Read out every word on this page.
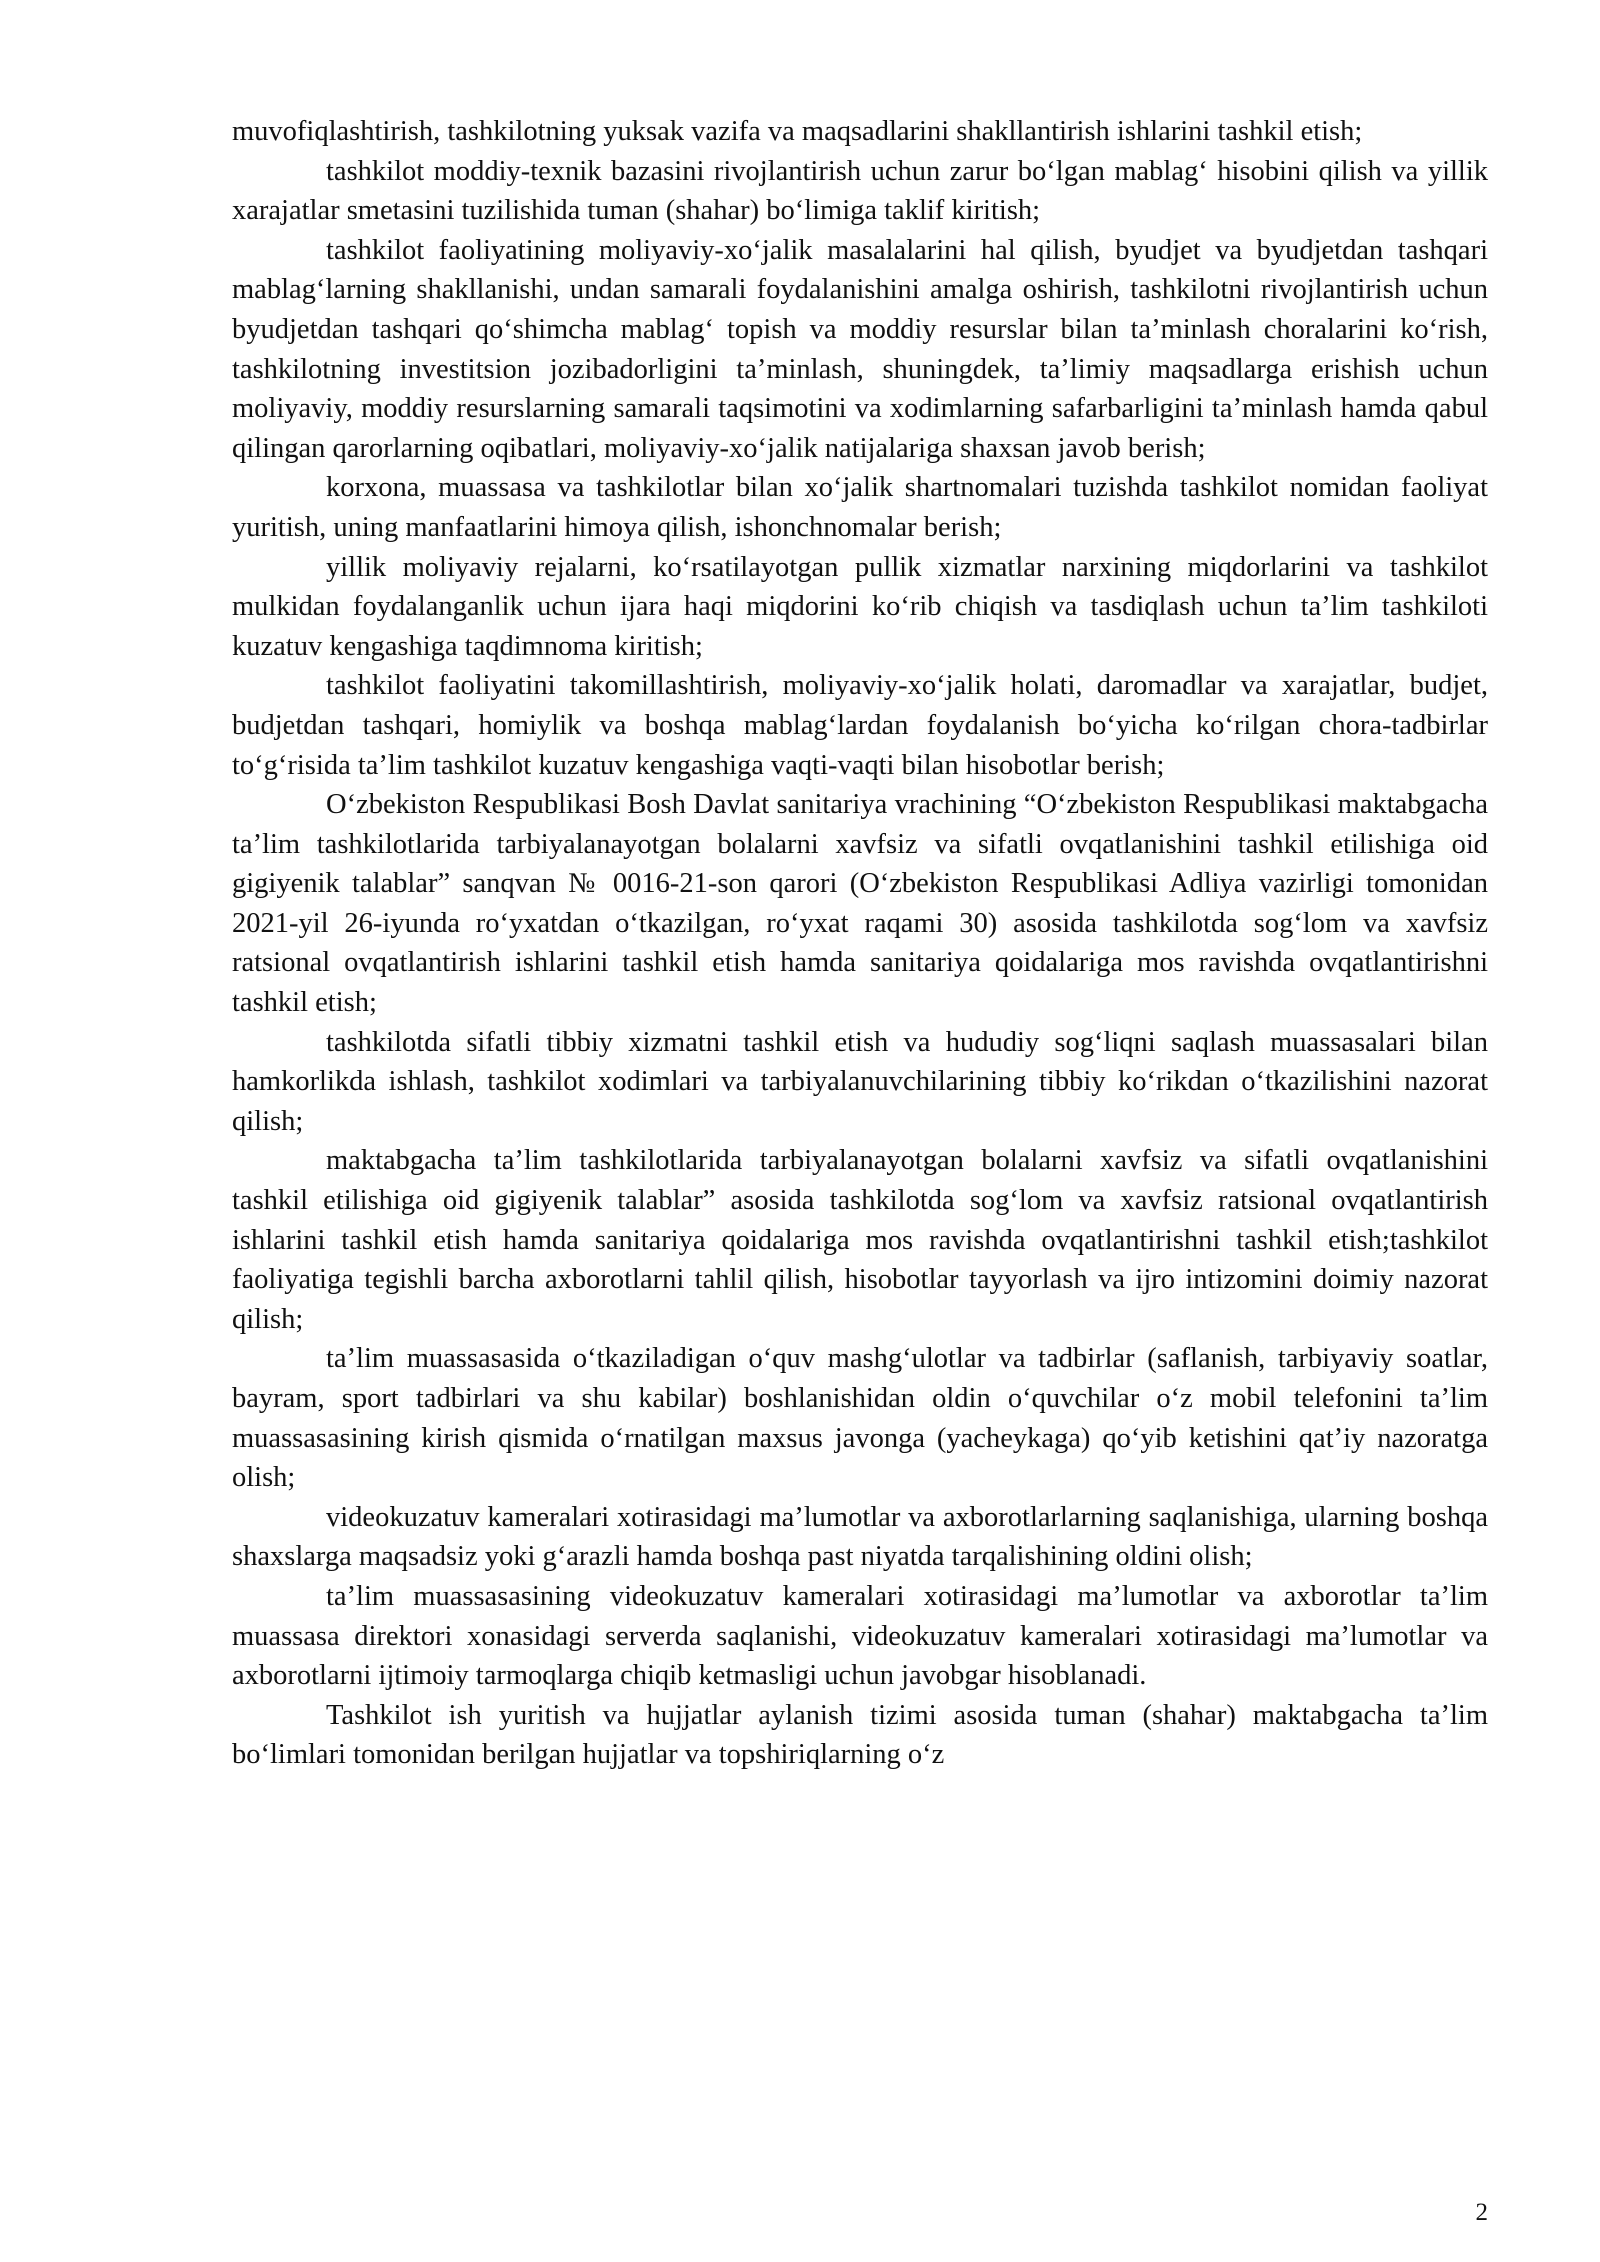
muvofiqlashtirish, tashkilotning yuksak vazifa va maqsadlarini shakllantirish ishlarini tashkil etish;

tashkilot moddiy-texnik bazasini rivojlantirish uchun zarur bo‘lgan mablag‘ hisobini qilish va yillik xarajatlar smetasini tuzilishida tuman (shahar) bo‘limiga taklif kiritish;

tashkilot faoliyatining moliyaviy-xo‘jalik masalalarini hal qilish, byudjet va byudjetdan tashqari mablag‘larning shakllanishi, undan samarali foydalanishini amalga oshirish, tashkilotni rivojlantirish uchun byudjetdan tashqari qo‘shimcha mablag‘ topish va moddiy resurslar bilan ta’minlash choralarini ko‘rish, tashkilotning investitsion jozibadorligini ta’minlash, shuningdek, ta’limiy maqsadlarga erishish uchun moliyaviy, moddiy resurslarning samarali taqsimotini va xodimlarning safarbarligini ta’minlash hamda qabul qilingan qarorlarning oqibatlari, moliyaviy-xo‘jalik natijalariga shaxsan javob berish;

korxona, muassasa va tashkilotlar bilan xo‘jalik shartnomalari tuzishda tashkilot nomidan faoliyat yuritish, uning manfaatlarini himoya qilish, ishonchnomalar berish;

yillik moliyaviy rejalarni, ko‘rsatilayotgan pullik xizmatlar narxining miqdorlarini va tashkilot mulkidan foydalanganlik uchun ijara haqi miqdorini ko‘rib chiqish va tasdiqlash uchun ta’lim tashkiloti kuzatuv kengashiga taqdimnoma kiritish;

tashkilot faoliyatini takomillashtirish, moliyaviy-xo‘jalik holati, daromadlar va xarajatlar, budjet, budjetdan tashqari, homiylik va boshqa mablag‘lardan foydalanish bo‘yicha ko‘rilgan chora-tadbirlar to‘g‘risida ta’lim tashkilot kuzatuv kengashiga vaqti-vaqti bilan hisobotlar berish;

O‘zbekiston Respublikasi Bosh Davlat sanitariya vrachining “O‘zbekiston Respublikasi maktabgacha ta’lim tashkilotlarida tarbiyalanayotgan bolalarni xavfsiz va sifatli ovqatlanishini tashkil etilishiga oid gigiyenik talablar” sanqvan № 0016-21-son qarori (O‘zbekiston Respublikasi Adliya vazirligi tomonidan 2021-yil 26-iyunda ro‘yxatdan o‘tkazilgan, ro‘yxat raqami 30) asosida tashkilotda sog‘lom va xavfsiz ratsional ovqatlantirish ishlarini tashkil etish hamda sanitariya qoidalariga mos ravishda ovqatlantirishni tashkil etish;

tashkilotda sifatli tibbiy xizmatni tashkil etish va hududiy sog‘liqni saqlash muassasalari bilan hamkorlikda ishlash, tashkilot xodimlari va tarbiyalanuvchilarining tibbiy ko‘rikdan o‘tkazilishini nazorat qilish;

maktabgacha ta’lim tashkilotlarida tarbiyalanayotgan bolalarni xavfsiz va sifatli ovqatlanishini tashkil etilishiga oid gigiyenik talablar” asosida tashkilotda sog‘lom va xavfsiz ratsional ovqatlantirish ishlarini tashkil etish hamda sanitariya qoidalariga mos ravishda ovqatlantirishni tashkil etish;tashkilot faoliyatiga tegishli barcha axborotlarni tahlil qilish, hisobotlar tayyorlash va ijro intizomini doimiy nazorat qilish;

ta’lim muassasasida o‘tkaziladigan o‘quv mashg‘ulotlar va tadbirlar (saflanish, tarbiyaviy soatlar, bayram, sport tadbirlari va shu kabilar) boshlanishidan oldin o‘quvchilar o‘z mobil telefonini ta’lim muassasasining kirish qismida o‘rnatilgan maxsus javonga (yacheykaga) qo‘yib ketishini qat’iy nazoratga olish;

videokuzatuv kameralari xotirasidagi ma’lumotlar va axborotlarlarning saqlanishiga, ularning boshqa shaxslarga maqsadsiz yoki g‘arazli hamda boshqa past niyatda tarqalishining oldini olish;

ta’lim muassasasining videokuzatuv kameralari xotirasidagi ma’lumotlar va axborotlar ta’lim muassasa direktori xonasidagi serverda saqlanishi, videokuzatuv kameralari xotirasidagi ma’lumotlar va axborotlarni ijtimoiy tarmoqlarga chiqib ketmasligi uchun javobgar hisoblanadi.

Tashkilot ish yuritish va hujjatlar aylanish tizimi asosida tuman (shahar) maktabgacha ta’lim bo‘limlari tomonidan berilgan hujjatlar va topshiriqlarning o‘z

2
